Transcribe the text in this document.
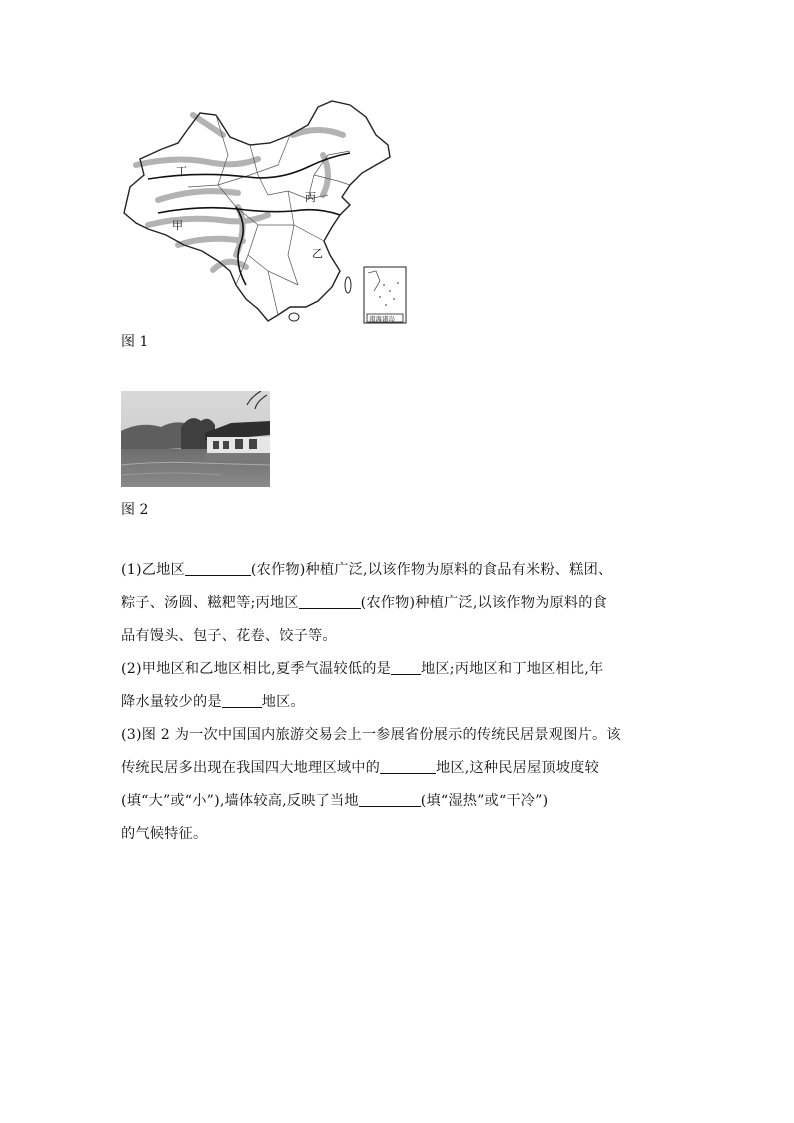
丁
甲
丙
乙
南海诸岛
图 1
图 2
(1)乙地区	(农作物)种植广泛,以该作物为原料的食品有米粉、糕团、
粽子、汤圆、糍粑等;丙地区	(农作物)种植广泛,以该作物为原料的食
品有馒头、包子、花卷、饺子等。
(2)甲地区和乙地区相比,夏季气温较低的是 地区;丙地区和丁地区相比,年
降水量较少的是	地区。
(3)图 2 为一次中国国内旅游交易会上一参展省份展示的传统民居景观图片。该
传统民居多出现在我国四大地理区域中的	地区,这种民居屋顶坡度较
(填“大”或“小”),墙体较高,反映了当地	(填“湿热”或“干冷”)
的气候特征。
